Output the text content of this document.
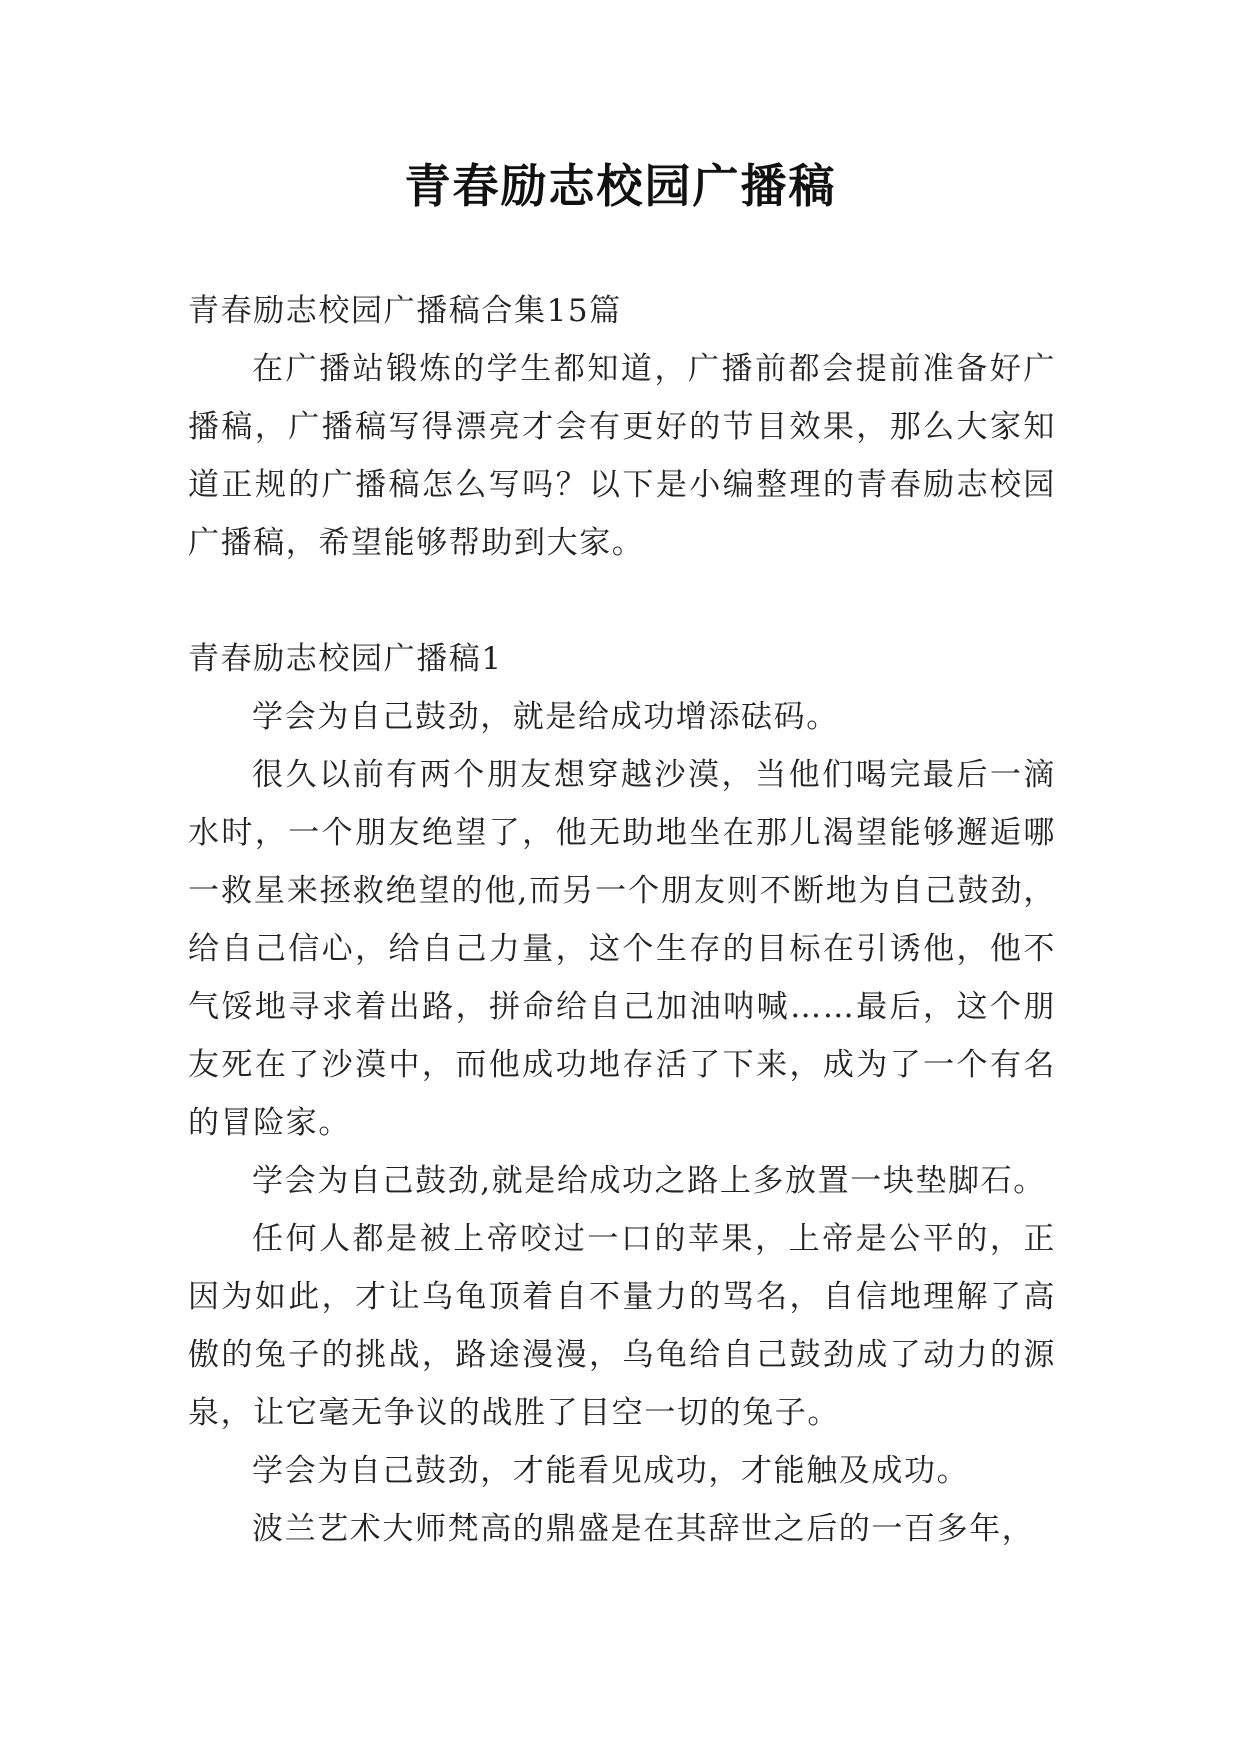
青春励志校园广播稿

青春励志校园广播稿合集15篇

在广播站锻炼的学生都知道，广播前都会提前准备好广播稿，广播稿写得漂亮才会有更好的节目效果，那么大家知道正规的广播稿怎么写吗？以下是小编整理的青春励志校园广播稿，希望能够帮助到大家。

青春励志校园广播稿1

学会为自己鼓劲，就是给成功增添砝码。

很久以前有两个朋友想穿越沙漠，当他们喝完最后一滴水时，一个朋友绝望了，他无助地坐在那儿渴望能够邂逅哪一救星来拯救绝望的他,而另一个朋友则不断地为自己鼓劲，给自己信心，给自己力量，这个生存的目标在引诱他，他不气馁地寻求着出路，拼命给自己加油呐喊……最后，这个朋友死在了沙漠中，而他成功地存活了下来，成为了一个有名的冒险家。

学会为自己鼓劲,就是给成功之路上多放置一块垫脚石。

任何人都是被上帝咬过一口的苹果，上帝是公平的，正因为如此，才让乌龟顶着自不量力的骂名，自信地理解了高傲的兔子的挑战，路途漫漫，乌龟给自己鼓劲成了动力的源泉，让它毫无争议的战胜了目空一切的兔子。

学会为自己鼓劲，才能看见成功，才能触及成功。

波兰艺术大师梵高的鼎盛是在其辞世之后的一百多年，
